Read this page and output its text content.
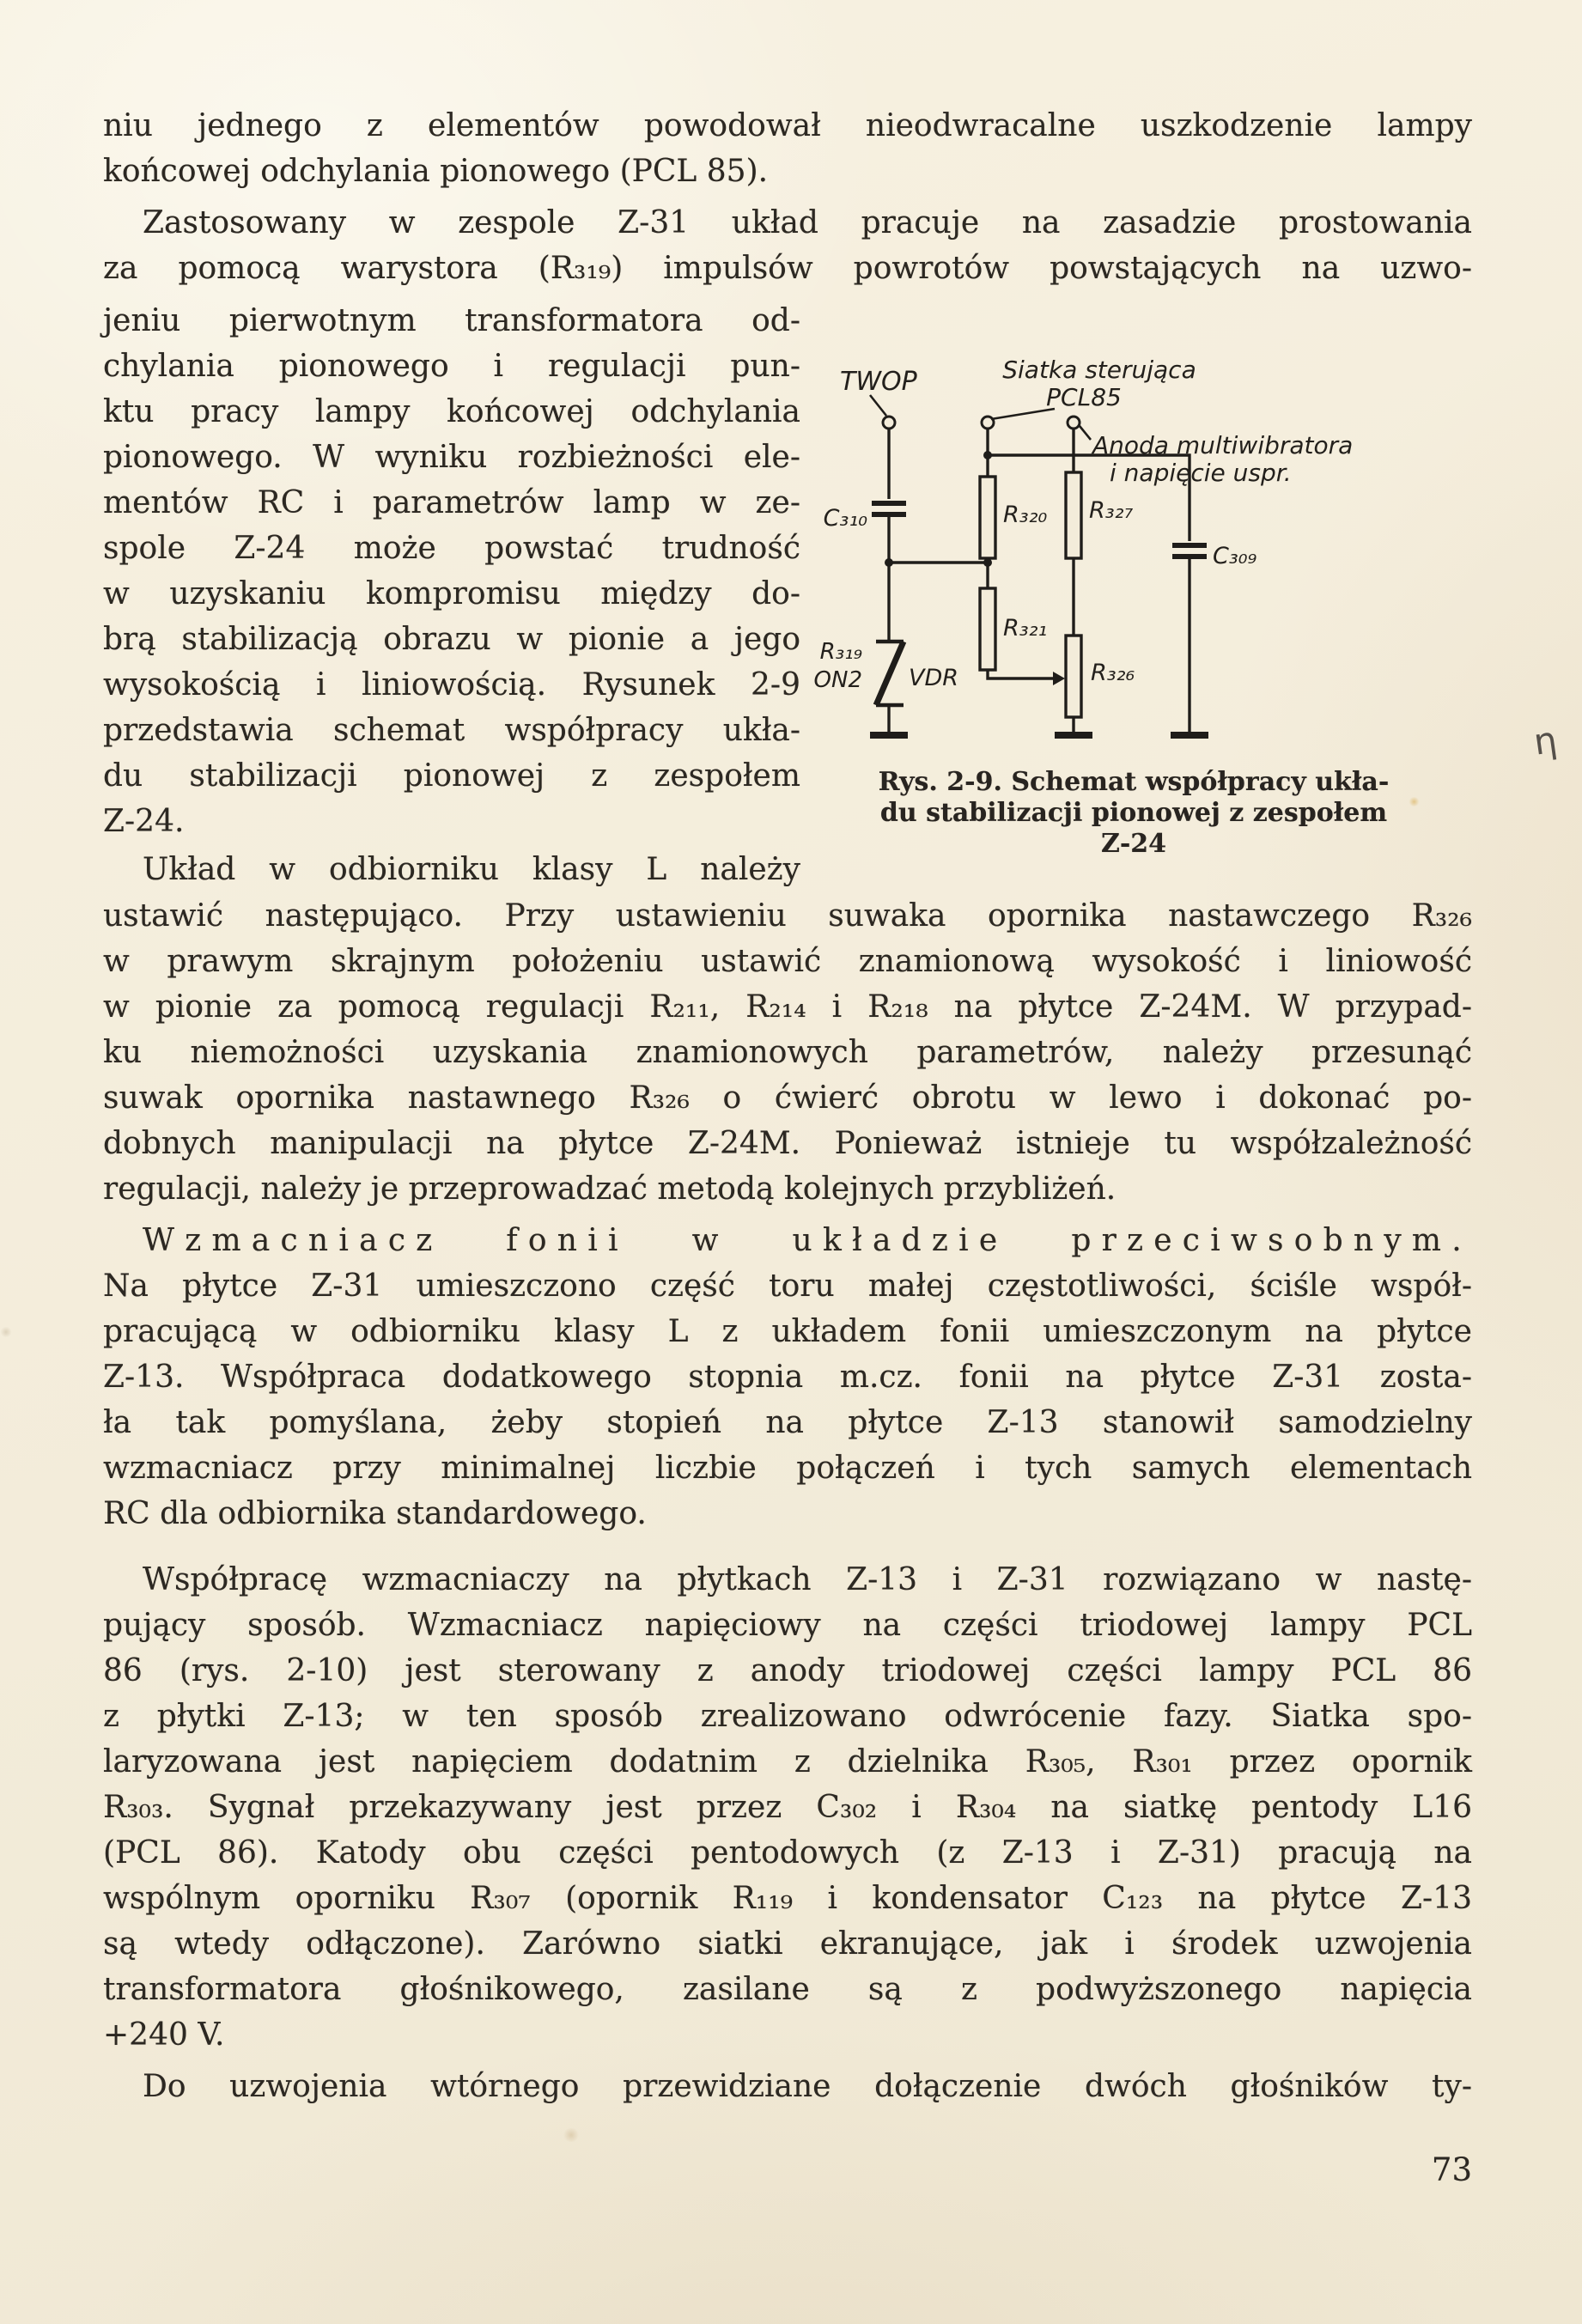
niu jednego z elementów powodował nieodwracalne uszkodzenie lampy
końcowej odchylania pionowego (PCL 85).
Zastosowany w zespole Z-31 układ pracuje na zasadzie prostowania
za pomocą warystora (R₃₁₉) impulsów powrotów powstających na uzwo-
jeniu pierwotnym transformatora od-
chylania pionowego i regulacji pun-
ktu pracy lampy końcowej odchylania
pionowego. W wyniku rozbieżności ele-
mentów RC i parametrów lamp w ze-
spole Z-24 może powstać trudność
w uzyskaniu kompromisu między do-
brą stabilizacją obrazu w pionie a jego
wysokością i liniowością. Rysunek 2-9
przedstawia schemat współpracy ukła-
du stabilizacji pionowej z zespołem
Z-24.
Układ w odbiorniku klasy L należy
ustawić następująco. Przy ustawieniu suwaka opornika nastawczego R₃₂₆
w prawym skrajnym położeniu ustawić znamionową wysokość i liniowość
w pionie za pomocą regulacji R₂₁₁, R₂₁₄ i R₂₁₈ na płytce Z-24M. W przypad-
ku niemożności uzyskania znamionowych parametrów, należy przesunąć
suwak opornika nastawnego R₃₂₆ o ćwierć obrotu w lewo i dokonać po-
dobnych manipulacji na płytce Z-24M. Ponieważ istnieje tu współzależność
regulacji, należy je przeprowadzać metodą kolejnych przybliżeń.
Wzmacniacz fonii w układzie przeciwsobnym.
Na płytce Z-31 umieszczono część toru małej częstotliwości, ściśle współ-
pracującą w odbiorniku klasy L z układem fonii umieszczonym na płytce
Z-13. Współpraca dodatkowego stopnia m.cz. fonii na płytce Z-31 zosta-
ła tak pomyślana, żeby stopień na płytce Z-13 stanowił samodzielny
wzmacniacz przy minimalnej liczbie połączeń i tych samych elementach
RC dla odbiornika standardowego.
Współpracę wzmacniaczy na płytkach Z-13 i Z-31 rozwiązano w nastę-
pujący sposób. Wzmacniacz napięciowy na części triodowej lampy PCL
86 (rys. 2-10) jest sterowany z anody triodowej części lampy PCL 86
z płytki Z-13; w ten sposób zrealizowano odwrócenie fazy. Siatka spo-
laryzowana jest napięciem dodatnim z dzielnika R₃₀₅, R₃₀₁ przez opornik
R₃₀₃. Sygnał przekazywany jest przez C₃₀₂ i R₃₀₄ na siatkę pentody L16
(PCL 86). Katody obu części pentodowych (z Z-13 i Z-31) pracują na
wspólnym oporniku R₃₀₇ (opornik R₁₁₉ i kondensator C₁₂₃ na płytce Z-13
są wtedy odłączone). Zarówno siatki ekranujące, jak i środek uzwojenia
transformatora głośnikowego, zasilane są z podwyższonego napięcia
+240 V.
Do uzwojenia wtórnego przewidziane dołączenie dwóch głośników ty-
TWOP	Siatka sterująca
PCL85
Anoda multiwibratora
i napięcie uspr.
C₃₁₀	R₃₂₀ R₃₂₇
C₃₀₉
R₃₂₁
R₃₁₉
ON2 VDR	R₃₂₆
Rys. 2-9. Schemat współpracy ukła-
du stabilizacji pionowej z zespołem
Z-24
73
η
